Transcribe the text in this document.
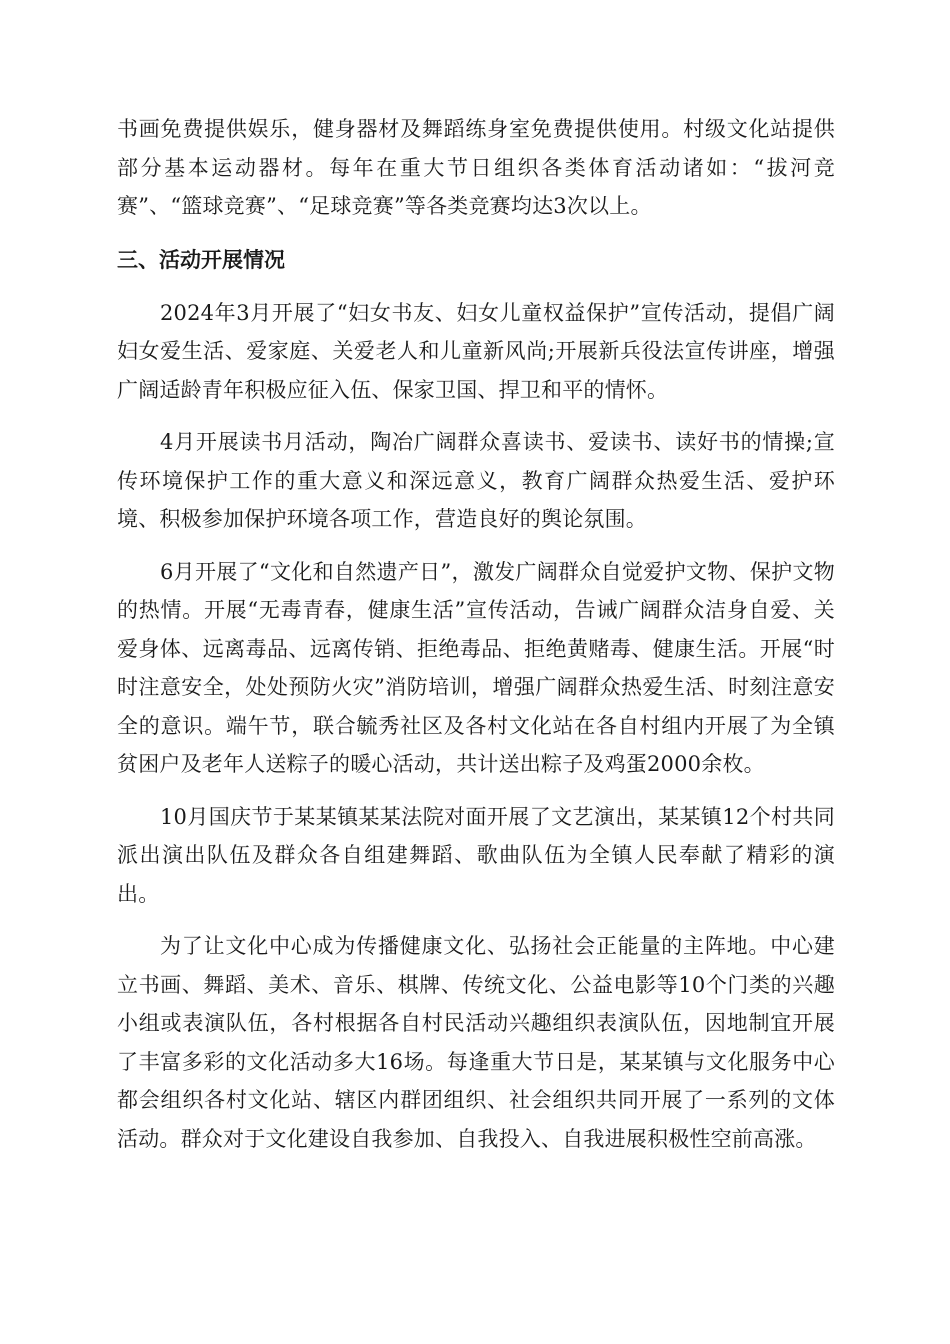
书画免费提供娱乐，健身器材及舞蹈练身室免费提供使用。村级文化站提供部分基本运动器材。每年在重大节日组织各类体育活动诸如：“拔河竞赛”、“篮球竞赛”、“足球竞赛”等各类竞赛均达3次以上。

三、活动开展情况

2024年3月开展了“妇女书友、妇女儿童权益保护”宣传活动，提倡广阔妇女爱生活、爱家庭、关爱老人和儿童新风尚;开展新兵役法宣传讲座，增强广阔适龄青年积极应征入伍、保家卫国、捍卫和平的情怀。

4月开展读书月活动，陶冶广阔群众喜读书、爱读书、读好书的情操;宣传环境保护工作的重大意义和深远意义，教育广阔群众热爱生活、爱护环境、积极参加保护环境各项工作，营造良好的舆论氛围。

6月开展了“文化和自然遗产日”，激发广阔群众自觉爱护文物、保护文物的热情。开展“无毒青春，健康生活”宣传活动，告诫广阔群众洁身自爱、关爱身体、远离毒品、远离传销、拒绝毒品、拒绝黄赌毒、健康生活。开展“时时注意安全，处处预防火灾”消防培训，增强广阔群众热爱生活、时刻注意安全的意识。端午节，联合毓秀社区及各村文化站在各自村组内开展了为全镇贫困户及老年人送粽子的暖心活动，共计送出粽子及鸡蛋2000余枚。

10月国庆节于某某镇某某法院对面开展了文艺演出，某某镇12个村共同派出演出队伍及群众各自组建舞蹈、歌曲队伍为全镇人民奉献了精彩的演出。

为了让文化中心成为传播健康文化、弘扬社会正能量的主阵地。中心建立书画、舞蹈、美术、音乐、棋牌、传统文化、公益电影等10个门类的兴趣小组或表演队伍，各村根据各自村民活动兴趣组织表演队伍，因地制宜开展了丰富多彩的文化活动多大16场。每逢重大节日是，某某镇与文化服务中心都会组织各村文化站、辖区内群团组织、社会组织共同开展了一系列的文体活动。群众对于文化建设自我参加、自我投入、自我进展积极性空前高涨。
